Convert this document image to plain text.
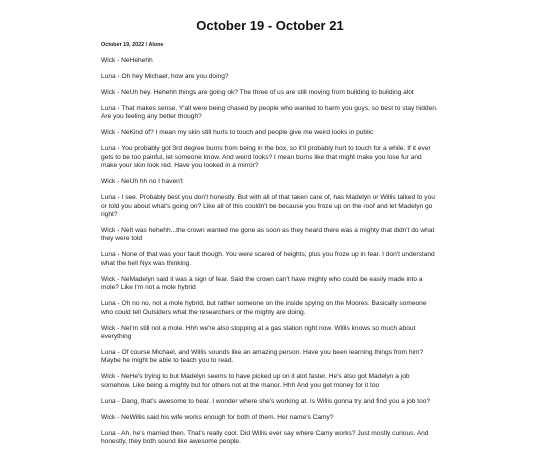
October 19 - October 21
October 19, 2022 / Alone

Wick - NeHehehh

Luna - Oh hey Michael, how are you doing?

Wick - NeUh hey. Hehehh things are going ok? The three of us are still moving from building to building alot

Luna - That makes sense. Y'all were being chased by people who wanted to harm you guys, so best to stay hidden. Are you feeling any better though?

Wick - NeKind of? I mean my skin still hurts to touch and people give me weird looks in public

Luna - You probably got 3rd degree burns from being in the box, so it'll probably hurt to touch for a while. If it ever gets to be too painful, let someone know. And weird looks? I mean burns like that might make you lose fur and make your skin look red. Have you looked in a mirror?

Wick - NeUh hh no I haven't

Luna - I see. Probably best you don't honestly. But with all of that taken care of, has Madelyn or Willis talked to you or told you about what's going on? Like all of this couldn't be because you froze up on the roof and let Madelyn go right?

Wick - NeIt was hehehh...the crown wanted me gone as soon as they heard there was a mighty that didn't do what they were told

Luna - None of that was your fault though. You were scared of heights, plus you froze up in fear. I don't understand what the hell Nyx was thinking.

Wick - NeMadelyn said it was a sign of fear. Said the crown can't have mighty who could be easily made into a mole? Like I'm not a mole hybrid

Luna - Oh no no, not a mole hybrid, but rather someone on the inside spying on the Moores. Basically someone who could tell Outsiders what the researchers or the mighty are doing.

Wick - NeI'm still not a mole. Hhh we're also stopping at a gas station right now. Willis knows so much about everything

Luna - Of course Michael, and Willis sounds like an amazing person. Have you been learning things from him? Maybe he might be able to teach you to read.

Wick - NeHe's trying to but Madelyn seems to have picked up on it alot faster. He's also got Madelyn a job somehow. Like being a mighty but for others not at the manor. Hhh And you get money for it too

Luna - Dang, that's awesome to hear. I wonder where she's working at. Is Willis gonna try and find you a job too?

Wick - NeWillis said his wife works enough for both of them. Her name's Camy?

Luna - Ah, he's married then. That's really cool. Did Willis ever say where Camy works? Just mostly curious. And honestly, they both sound like awesome people.
